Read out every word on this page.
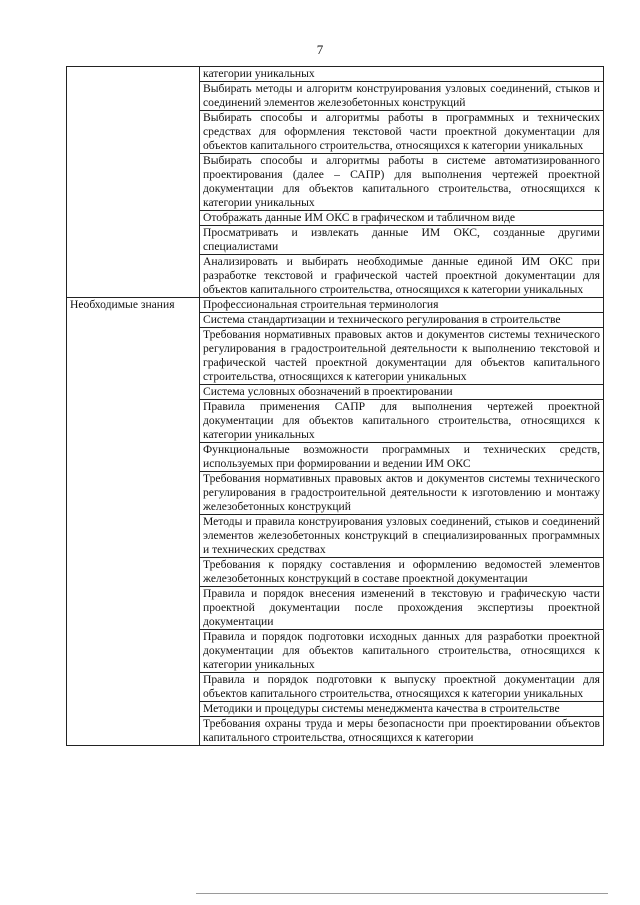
7
	категории уникальных
	Выбирать методы и алгоритм конструирования узловых соединений, стыков и соединений элементов железобетонных конструкций
	Выбирать способы и алгоритмы работы в программных и технических средствах для оформления текстовой части проектной документации для объектов капитального строительства, относящихся к категории уникальных
	Выбирать способы и алгоритмы работы в системе автоматизированного проектирования (далее – САПР) для выполнения чертежей проектной документации для объектов капитального строительства, относящихся к категории уникальных
	Отображать данные ИМ ОКС в графическом и табличном виде
	Просматривать и извлекать данные ИМ ОКС, созданные другими специалистами
	Анализировать и выбирать необходимые данные единой ИМ ОКС при разработке текстовой и графической частей проектной документации для объектов капитального строительства, относящихся к категории уникальных
Необходимые знания	Профессиональная строительная терминология
	Система стандартизации и технического регулирования в строительстве
	Требования нормативных правовых актов и документов системы технического регулирования в градостроительной деятельности к выполнению текстовой и графической частей проектной документации для объектов капитального строительства, относящихся к категории уникальных
	Система условных обозначений в проектировании
	Правила применения САПР для выполнения чертежей проектной документации для объектов капитального строительства, относящихся к категории уникальных
	Функциональные возможности программных и технических средств, используемых при формировании и ведении ИМ ОКС
	Требования нормативных правовых актов и документов системы технического регулирования в градостроительной деятельности к изготовлению и монтажу железобетонных конструкций
	Методы и правила конструирования узловых соединений, стыков и соединений элементов железобетонных конструкций в специализированных программных и технических средствах
	Требования к порядку составления и оформлению ведомостей элементов железобетонных конструкций в составе проектной документации
	Правила и порядок внесения изменений в текстовую и графическую части проектной документации после прохождения экспертизы проектной документации
	Правила и порядок подготовки исходных данных для разработки проектной документации для объектов капитального строительства, относящихся к категории уникальных
	Правила и порядок подготовки к выпуску проектной документации для объектов капитального строительства, относящихся к категории уникальных
	Методики и процедуры системы менеджмента качества в строительстве
	Требования охраны труда и меры безопасности при проектировании объектов капитального строительства, относящихся к категории
